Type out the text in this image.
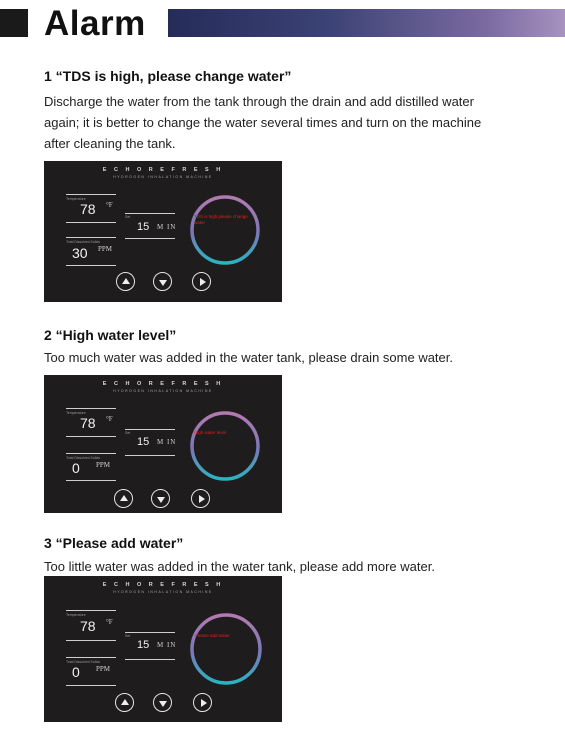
Alarm
1 “TDS is high, please change water”
Discharge the water from the tank through the drain and add distilled water again; it is better to change the water several times and turn on the machine after cleaning the tank.
E C H O R E F R E S H
HYDROGEN INHALATION MACHINE
Temperature
78 °F
Total Dissolved Solids
30 PPM
Set
15 M IN
TDS is high,please change water
2 “High water level”
Too much water was added in the water tank, please drain some water.
E C H O R E F R E S H
HYDROGEN INHALATION MACHINE
Temperature
78 °F
Total Dissolved Solids
0 PPM
Set
15 M IN
High water level
3 “Please add water”
Too little water was added in the water tank, please add more water.
E C H O R E F R E S H
HYDROGEN INHALATION MACHINE
Temperature
78 °F
Total Dissolved Solids
0 PPM
Set
15 M IN
Please add water
